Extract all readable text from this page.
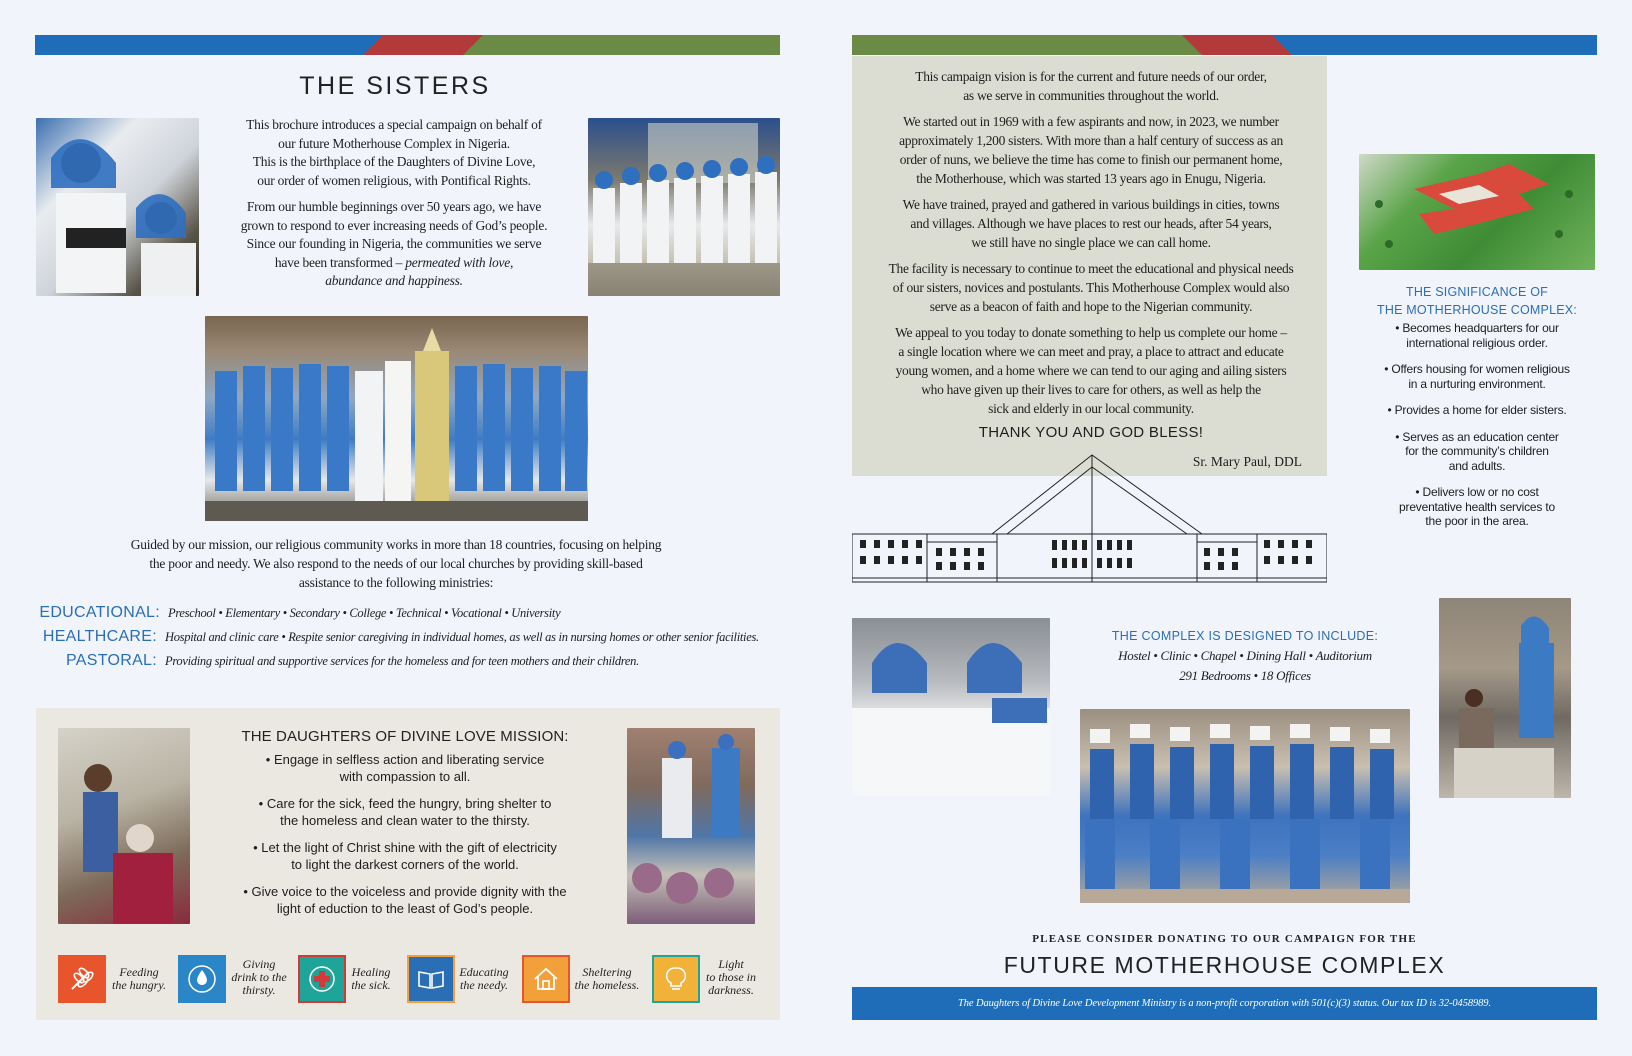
THE SISTERS

This brochure introduces a special campaign on behalf of
our future Motherhouse Complex in Nigeria.
This is the birthplace of the Daughters of Divine Love,
our order of women religious, with Pontifical Rights.

From our humble beginnings over 50 years ago, we have
grown to respond to ever increasing needs of God’s people.
Since our founding in Nigeria, the communities we serve
have been transformed – permeated with love,
abundance and happiness.

Guided by our mission, our religious community works in more than 18 countries, focusing on helping
the poor and needy. We also respond to the needs of our local churches by providing skill-based
assistance to the following ministries:
EDUCATIONAL: Preschool • Elementary • Secondary • College • Technical • Vocational • University
HEALTHCARE: Hospital and clinic care • Respite senior caregiving in individual homes, as well as in nursing homes or other senior facilities.
PASTORAL: Providing spiritual and supportive services for the homeless and for teen mothers and their children.
THE DAUGHTERS OF DIVINE LOVE MISSION:
• Engage in selfless action and liberating service
with compassion to all.
• Care for the sick, feed the hungry, bring shelter to
the homeless and clean water to the thirsty.
• Let the light of Christ shine with the gift of electricity
to light the darkest corners of the world.
• Give voice to the voiceless and provide dignity with the
light of eduction to the least of God’s people.
Feeding
the hungry.
Giving
drink to the
thirsty.
Healing
the sick.
Educating
the needy.
Sheltering
the homeless.
Light
to those in
darkness.

This campaign vision is for the current and future needs of our order,
as we serve in communities throughout the world.

We started out in 1969 with a few aspirants and now, in 2023, we number
approximately 1,200 sisters. With more than a half century of success as an
order of nuns, we believe the time has come to finish our permanent home,
the Motherhouse, which was started 13 years ago in Enugu, Nigeria.

We have trained, prayed and gathered in various buildings in cities, towns
and villages. Although we have places to rest our heads, after 54 years,
we still have no single place we can call home.

The facility is necessary to continue to meet the educational and physical needs
of our sisters, novices and postulants. This Motherhouse Complex would also
serve as a beacon of faith and hope to the Nigerian community.

We appeal to you today to donate something to help us complete our home –
a single location where we can meet and pray, a place to attract and educate
young women, and a home where we can tend to our aging and ailing sisters
who have given up their lives to care for others, as well as help the
sick and elderly in our local community.

THANK YOU AND GOD BLESS!
Sr. Mary Paul, DDL
THE SIGNIFICANCE OF
THE MOTHERHOUSE COMPLEX:
• Becomes headquarters for our
international religious order.
• Offers housing for women religious
in a nurturing environment.
• Provides a home for elder sisters.
• Serves as an education center
for the community’s children
and adults.
• Delivers low or no cost
preventative health services to
the poor in the area.
THE COMPLEX IS DESIGNED TO INCLUDE:
Hostel • Clinic • Chapel • Dining Hall • Auditorium
291 Bedrooms • 18 Offices
PLEASE CONSIDER DONATING TO OUR CAMPAIGN FOR THE
FUTURE MOTHERHOUSE COMPLEX
The Daughters of Divine Love Development Ministry is a non-profit corporation with 501(c)(3) status. Our tax ID is 32-0458989.
